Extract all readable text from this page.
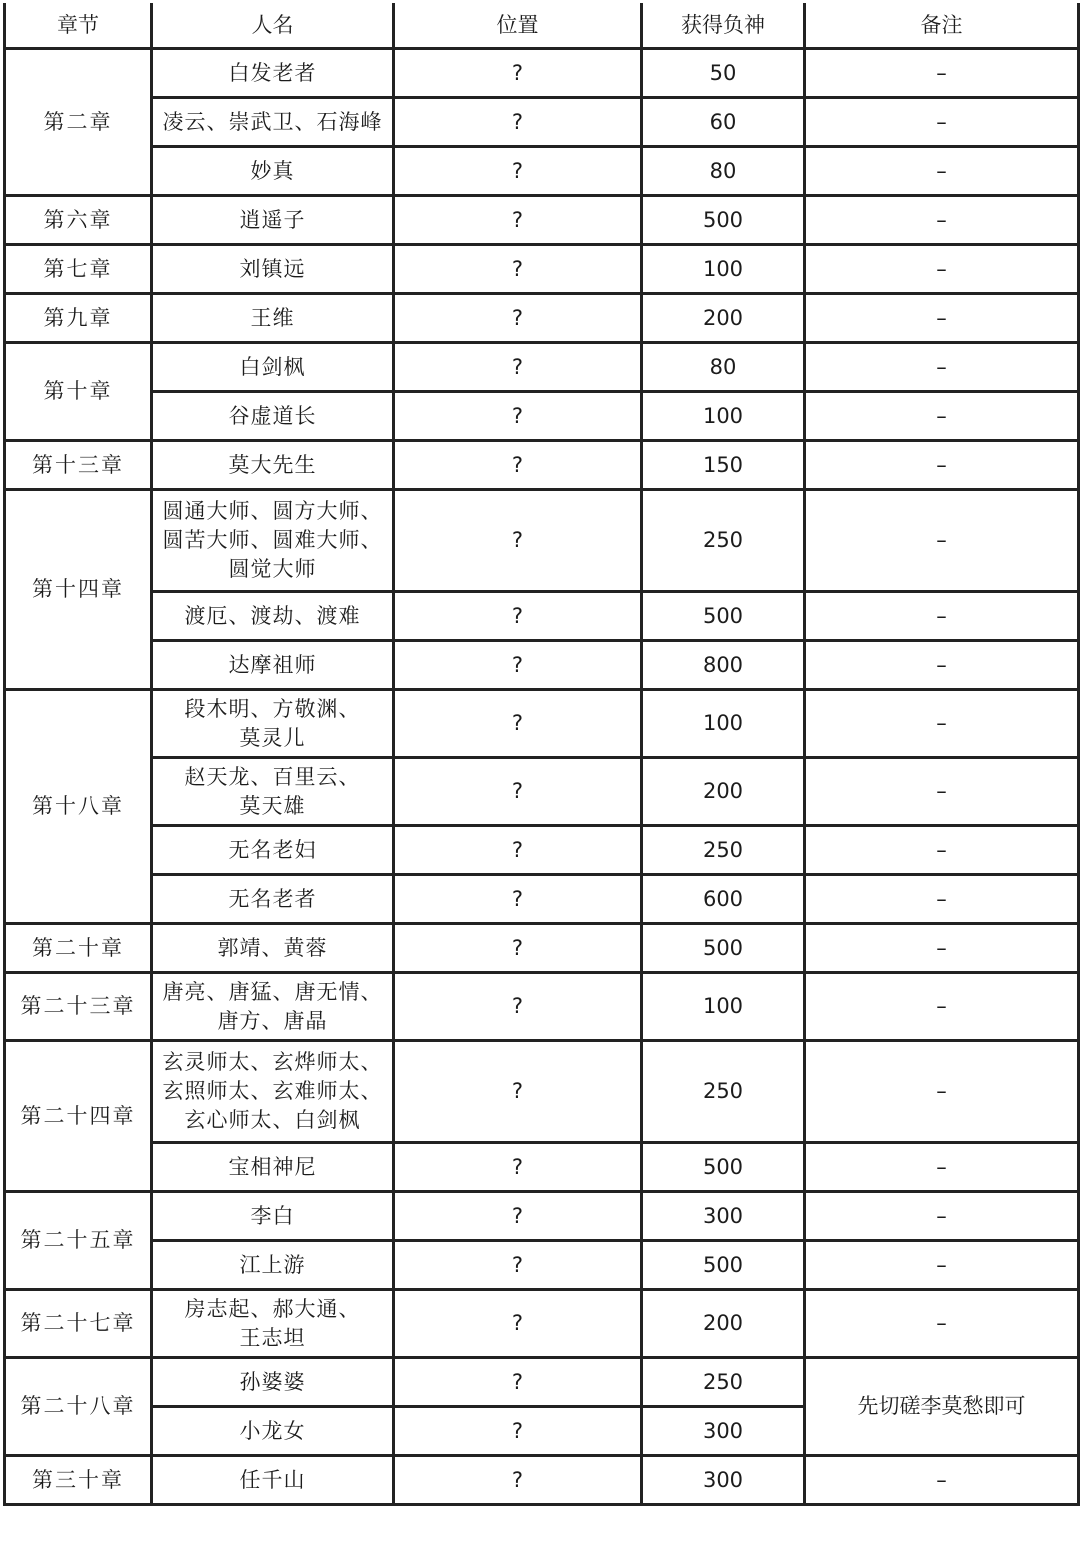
章节	人名	位置	获得负神	备注
第二章	白发老者	?	50	–
	凌云、崇武卫、石海峰	?	60	–
	妙真	?	80	–
第六章	逍遥子	?	500	–
第七章	刘镇远	?	100	–
第九章	王维	?	200	–
第十章	白剑枫	?	80	–
	谷虚道长	?	100	–
第十三章	莫大先生	?	150	–
第十四章	圆通大师、圆方大师、
圆苦大师、圆难大师、
圆觉大师	?	250	–
	渡厄、渡劫、渡难	?	500	–
	达摩祖师	?	800	–
第十八章	段木明、方敬渊、
莫灵儿	?	100	–
	赵天龙、百里云、
莫天雄	?	200	–
	无名老妇	?	250	–
	无名老者	?	600	–
第二十章	郭靖、黄蓉	?	500	–
第二十三章	唐亮、唐猛、唐无情、
唐方、唐晶	?	100	–
第二十四章	玄灵师太、玄烨师太、
玄照师太、玄难师太、
玄心师太、白剑枫	?	250	–
	宝相神尼	?	500	–
第二十五章	李白	?	300	–
	江上游	?	500	–
第二十七章	房志起、郝大通、
王志坦	?	200	–
第二十八章	孙婆婆	?	250	先切磋李莫愁即可
	小龙女	?	300	
第三十章	任千山	?	300	–
